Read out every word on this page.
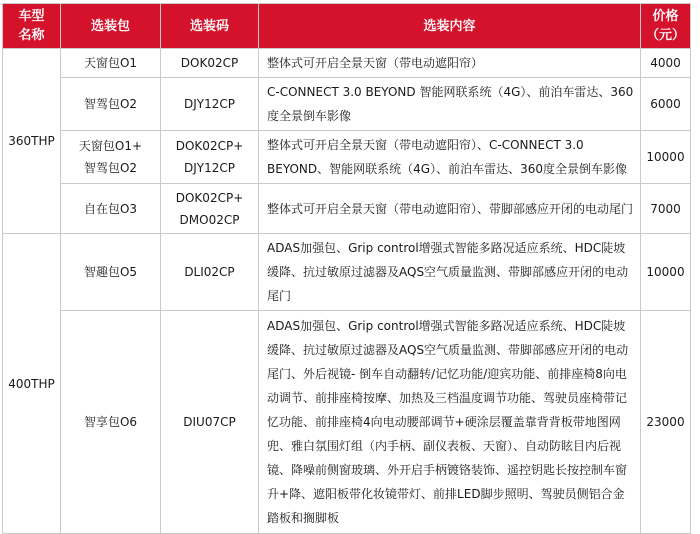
车型
名称	选装包	选装码	选装内容	价格
（元）

360THP	天窗包O1	DOK02CP	整体式可开启全景天窗（带电动遮阳帘）	4000
	智驾包O2	DJY12CP	C-CONNECT 3.0 BEYOND 智能网联系统（4G）、前泊车雷达、360度全景倒车影像	6000

	天窗包O1+
智驾包O2	DOK02CP+
DJY12CP	整体式可开启全景天窗（带电动遮阳帘）、C-CONNECT 3.0 BEYOND、智能网联系统（4G）、前泊车雷达、360度全景倒车影像	10000
	自在包O3	DOK02CP+
DMO02CP	整体式可开启全景天窗（带电动遮阳帘）、带脚部感应开闭的电动尾门	7000
400THP	智趣包O5	DLI02CP	ADAS加强包、Grip control增强式智能多路况适应系统、HDC陡坡缓降、抗过敏原过滤器及AQS空气质量监测、带脚部感应开闭的电动尾门	10000
	智享包O6	DIU07CP	ADAS加强包、Grip control增强式智能多路况适应系统、HDC陡坡缓降、抗过敏原过滤器及AQS空气质量监测、带脚部感应开闭的电动尾门、外后视镜- 倒车自动翻转/记忆功能/迎宾功能、前排座椅8向电动调节、前排座椅按摩、加热及三档温度调节功能、驾驶员座椅带记忆功能、前排座椅4向电动腰部调节+硬涂层覆盖靠背背板带地图网兜、雅白氛围灯组（内手柄、副仪表板、天窗）、自动防眩目内后视镜、降噪前侧窗玻璃、外开启手柄镀铬装饰、遥控钥匙长按控制车窗升+降、遮阳板带化妆镜带灯、前排LED脚步照明、驾驶员侧铝合金踏板和搁脚板	23000
